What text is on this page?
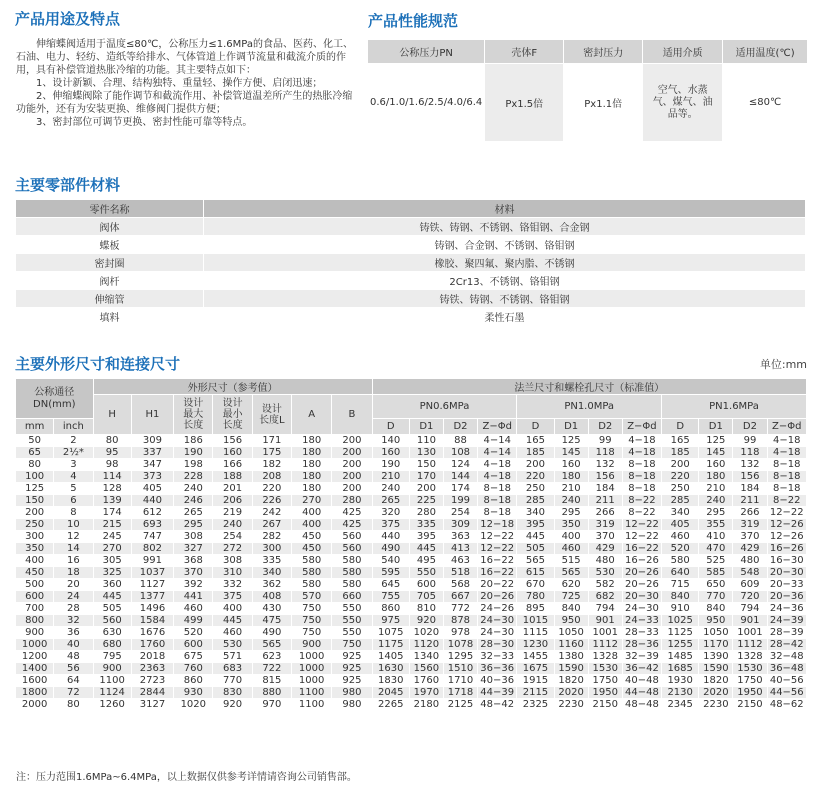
产品用途及特点

伸缩蝶阀适用于温度≤80℃，公称压力≤1.6MPa的食品、医药、化工、石油、电力、轻纺、造纸等给排水、气体管道上作调节流量和截流介质的作用，具有补偿管道热胀冷缩的功能。其主要特点如下：

1、设计新颖、合理、结构独特、重量轻、操作方便、启闭迅速；

2、伸缩蝶阀除了能作调节和截流作用、补偿管道温差所产生的热胀冷缩功能外，还有为安装更换、维修阀门提供方便；

3、密封部位可调节更换、密封性能可靠等特点。

产品性能规范
公称压力PN	壳体F	密封压力	适用介质	适用温度(℃)
0.6/1.0/1.6/2.5/4.0/6.4	Px1.5倍	Px1.1倍	空气、水蒸气、煤气、油品等。	≤80℃
主要零部件材料
零件名称	材料
阀体	铸铁、铸钢、不锈钢、铬钼钢、合金钢
蝶板	铸钢、合金钢、不锈钢、铬钼钢
密封圈	橡胶、聚四氟、聚内脂、不锈钢
阀杆	2Cr13、不锈钢、铬钼钢
伸缩管	铸铁、铸钢、不锈钢、铬钼钢
填料	柔性石墨
主要外形尺寸和连接尺寸	单位:mm
公称通径DN(mm)		外形尺寸（参考值）							法兰尺寸和螺栓孔尺寸（标准值）											
		H	H1	设计最大长度	设计最小长度	设计长度L	A	B	PN0.6MPa				PN1.0MPa				PN1.6MPa			
mm	inch								D	D1	D2	Z−Φd	D	D1	D2	Z−Φd	D	D1	D2	Z−Φd
50	2	80	309	186	156	171	180	200	140	110	88	4−14	165	125	99	4−18	165	125	99	4−18
65	2½*	95	337	190	160	175	180	200	160	130	108	4−14	185	145	118	4−18	185	145	118	4−18
80	3	98	347	198	166	182	180	200	190	150	124	4−18	200	160	132	8−18	200	160	132	8−18
100	4	114	373	228	188	208	180	200	210	170	144	4−18	220	180	156	8−18	220	180	156	8−18
125	5	128	405	240	201	220	180	200	240	200	174	8−18	250	210	184	8−18	250	210	184	8−18
150	6	139	440	246	206	226	270	280	265	225	199	8−18	285	240	211	8−22	285	240	211	8−22
200	8	174	612	265	219	242	400	425	320	280	254	8−18	340	295	266	8−22	340	295	266	12−22
250	10	215	693	295	240	267	400	425	375	335	309	12−18	395	350	319	12−22	405	355	319	12−26
300	12	245	747	308	254	282	450	560	440	395	363	12−22	445	400	370	12−22	460	410	370	12−26
350	14	270	802	327	272	300	450	560	490	445	413	12−22	505	460	429	16−22	520	470	429	16−26
400	16	305	991	368	308	335	580	580	540	495	463	16−22	565	515	480	16−26	580	525	480	16−30
450	18	325	1037	370	310	340	580	580	595	550	518	16−22	615	565	530	20−26	640	585	548	20−30
500	20	360	1127	392	332	362	580	580	645	600	568	20−22	670	620	582	20−26	715	650	609	20−33
600	24	445	1377	441	375	408	570	660	755	705	667	20−26	780	725	682	20−30	840	770	720	20−36
700	28	505	1496	460	400	430	750	550	860	810	772	24−26	895	840	794	24−30	910	840	794	24−36
800	32	560	1584	499	445	475	750	550	975	920	878	24−30	1015	950	901	24−33	1025	950	901	24−39
900	36	630	1676	520	460	490	750	550	1075	1020	978	24−30	1115	1050	1001	28−33	1125	1050	1001	28−39
1000	40	680	1760	600	530	565	900	750	1175	1120	1078	28−30	1230	1160	1112	28−36	1255	1170	1112	28−42
1200	48	795	2018	675	571	623	1000	925	1405	1340	1295	32−33	1455	1380	1328	32−39	1485	1390	1328	32−48
1400	56	900	2363	760	683	722	1000	925	1630	1560	1510	36−36	1675	1590	1530	36−42	1685	1590	1530	36−48
1600	64	1100	2723	860	770	815	1000	925	1830	1760	1710	40−36	1915	1820	1750	40−48	1930	1820	1750	40−56
1800	72	1124	2844	930	830	880	1100	980	2045	1970	1718	44−39	2115	2020	1950	44−48	2130	2020	1950	44−56
2000	80	1260	3127	1020	920	970	1100	980	2265	2180	2125	48−42	2325	2230	2150	48−48	2345	2230	2150	48−62
注：压力范围1.6MPa~6.4MPa，以上数据仅供参考详情请咨询公司销售部。
